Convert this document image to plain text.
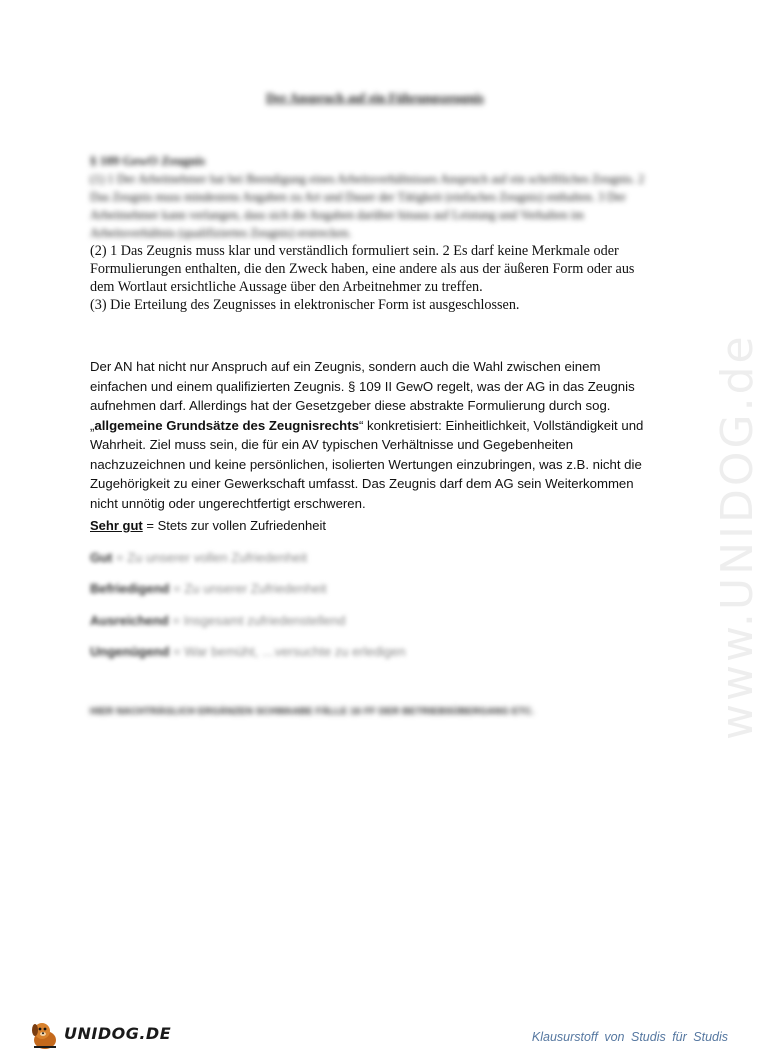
Der Anspruch auf ein Führungszeugnis
§ 109 GewO Zeugnis
(1) 1 Der Arbeitnehmer hat bei Beendigung eines Arbeitsverhältnisses Anspruch auf ein schriftliches Zeugnis. 2 Das Zeugnis muss mindestens Angaben zu Art und Dauer der Tätigkeit (einfaches Zeugnis) enthalten. 3 Der Arbeitnehmer kann verlangen, dass sich die Angaben darüber hinaus auf Leistung und Verhalten im Arbeitsverhältnis (qualifiziertes Zeugnis) erstrecken.

(2) 1 Das Zeugnis muss klar und verständlich formuliert sein. 2 Es darf keine Merkmale oder Formulierungen enthalten, die den Zweck haben, eine andere als aus der äußeren Form oder aus dem Wortlaut ersichtliche Aussage über den Arbeitnehmer zu treffen.

(3) Die Erteilung des Zeugnisses in elektronischer Form ist ausgeschlossen.

Der AN hat nicht nur Anspruch auf ein Zeugnis, sondern auch die Wahl zwischen einem einfachen und einem qualifizierten Zeugnis. § 109 II GewO regelt, was der AG in das Zeugnis aufnehmen darf. Allerdings hat der Gesetzgeber diese abstrakte Formulierung durch sog. „allgemeine Grundsätze des Zeugnisrechts“ konkretisiert: Einheitlichkeit, Vollständigkeit und Wahrheit. Ziel muss sein, die für ein AV typischen Verhältnisse und Gegebenheiten nachzuzeichnen und keine persönlichen, isolierten Wertungen einzubringen, was z.B. nicht die Zugehörigkeit zu einer Gewerkschaft umfasst. Das Zeugnis darf dem AG sein Weiterkommen nicht unnötig oder ungerechtfertigt erschweren.

Sehr gut = Stets zur vollen Zufriedenheit
Gut = Zu unserer vollen Zufriedenheit
Befriedigend = Zu unserer Zufriedenheit
Ausreichend = Insgesamt zufriedenstellend
Ungenügend = War bemüht, …versuchte zu erledigen
HIER NACHTRÄGLICH ERGÄNZEN SCHWAABE FÄLLE 16 FF DER BETRIEBSÜBERGANG ETC.	www.UNIDOG.de
UNIDOG.DE	Klausurstoff von Studis für Studis
